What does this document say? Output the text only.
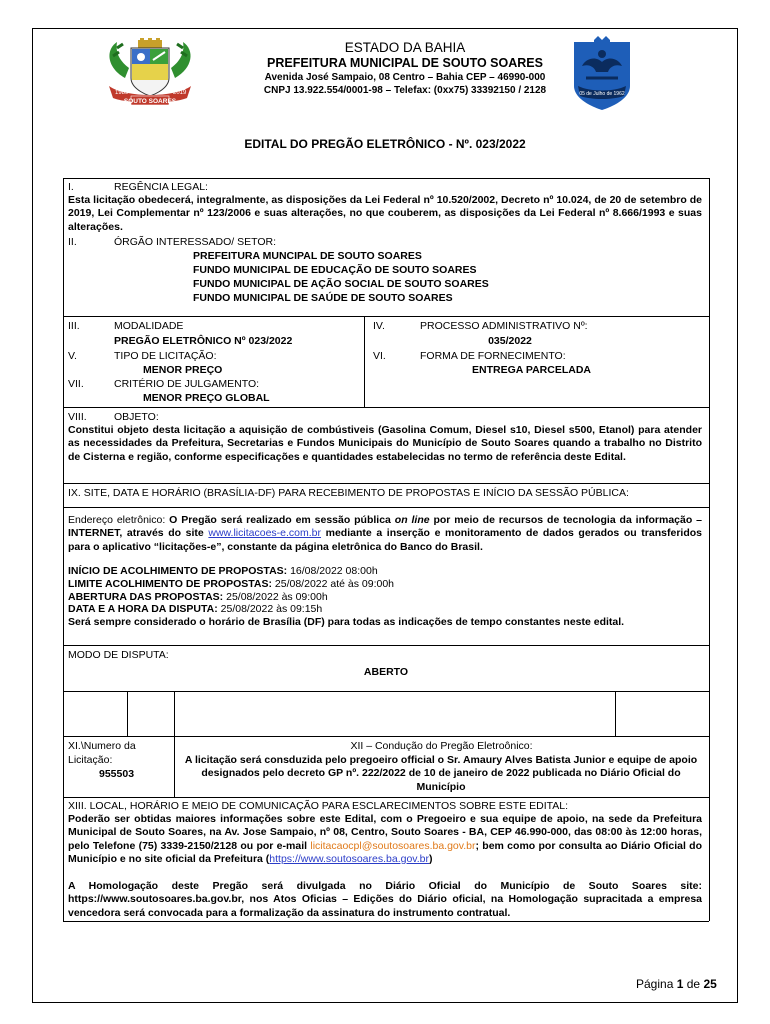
SOUTO SOARES
1989	2019	05 de Julho de 1962
ESTADO DA BAHIA
PREFEITURA MUNICIPAL DE SOUTO SOARES
Avenida José Sampaio, 08 Centro – Bahia CEP – 46990-000
CNPJ 13.922.554/0001-98 – Telefax: (0xx75) 33392150 / 2128
EDITAL DO PREGÃO ELETRÔNICO - Nº. 023/2022
I.	REGÊNCIA LEGAL:
Esta licitação obedecerá, integralmente, as disposições da Lei Federal nº 10.520/2002, Decreto nº 10.024, de 20 de setembro de 2019, Lei Complementar nº 123/2006 e suas alterações, no que couberem, as disposições da Lei Federal nº 8.666/1993 e suas alterações.
II.	ÓRGÃO INTERESSADO/ SETOR:
PREFEITURA MUNCIPAL DE SOUTO SOARES
FUNDO MUNICIPAL DE EDUCAÇÃO DE SOUTO SOARES
FUNDO MUNICIPAL DE AÇÃO SOCIAL DE SOUTO SOARES
FUNDO MUNICIPAL DE SAÚDE DE SOUTO SOARES
III.	MODALIDADE
PREGÃO ELETRÔNICO Nº 023/2022
IV.	PROCESSO ADMINISTRATIVO Nº:
035/2022
V.	TIPO DE LICITAÇÃO:
MENOR PREÇO
VI.	FORMA DE FORNECIMENTO:
ENTREGA PARCELADA
VII.	CRITÉRIO DE JULGAMENTO:
MENOR PREÇO GLOBAL
VIII.	OBJETO:
Constitui objeto desta licitação a aquisição de combústiveis (Gasolina Comum, Diesel s10, Diesel s500, Etanol) para atender as necessidades da Prefeitura, Secretarias e Fundos Municipais do Município de Souto Soares quando a trabalho no Distrito de Cisterna e região, conforme especificações e quantidades estabelecidas no termo de referência deste Edital.
IX. SITE, DATA E HORÁRIO (BRASÍLIA-DF) PARA RECEBIMENTO DE PROPOSTAS E INÍCIO DA SESSÃO PÚBLICA:
Endereço eletrônico: O Pregão será realizado em sessão pública on line por meio de recursos de tecnologia da informação – INTERNET, através do site www.licitacoes-e.com.br mediante a inserção e monitoramento de dados gerados ou transferidos para o aplicativo “licitações-e”, constante da página eletrônica do Banco do Brasil.
INÍCIO DE ACOLHIMENTO DE PROPOSTAS: 16/08/2022 08:00h
LIMITE ACOLHIMENTO DE PROPOSTAS: 25/08/2022 até às 09:00h
ABERTURA DAS PROPOSTAS: 25/08/2022 às 09:00h
DATA E A HORA DA DISPUTA: 25/08/2022 às 09:15h
Será sempre considerado o horário de Brasília (DF) para todas as indicações de tempo constantes neste edital.
MODO DE DISPUTA:
ABERTO
XI.\Numero da
Licitação:
955503
XII – Condução do Pregão Eletroônico:
A licitação será consduzida pelo pregoeiro official o Sr. Amaury Alves Batista Junior e equipe de apoio designados pelo decreto GP nº. 222/2022 de 10 de janeiro de 2022 publicada no Diário Oficial do Município
XIII. LOCAL, HORÁRIO E MEIO DE COMUNICAÇÃO PARA ESCLARECIMENTOS SOBRE ESTE EDITAL:
Poderão ser obtidas maiores informações sobre este Edital, com o Pregoeiro e sua equipe de apoio, na sede da Prefeitura Municipal de Souto Soares, na Av. Jose Sampaio, nº 08, Centro, Souto Soares - BA, CEP 46.990-000, das 08:00 às 12:00 horas, pelo Telefone (75) 3339-2150/2128 ou por e-mail licitacaocpl@soutosoares.ba.gov.br; bem como por consulta ao Diário Oficial do Município e no site oficial da Prefeitura (https://www.soutosoares.ba.gov.br)
A Homologação deste Pregão será divulgada no Diário Oficial do Município de Souto Soares site: https://www.soutosoares.ba.gov.br, nos Atos Oficias – Edições do Diário oficial, na Homologação supracitada a empresa vencedora será convocada para a formalização da assinatura do instrumento contratual.
Página 1 de 25
